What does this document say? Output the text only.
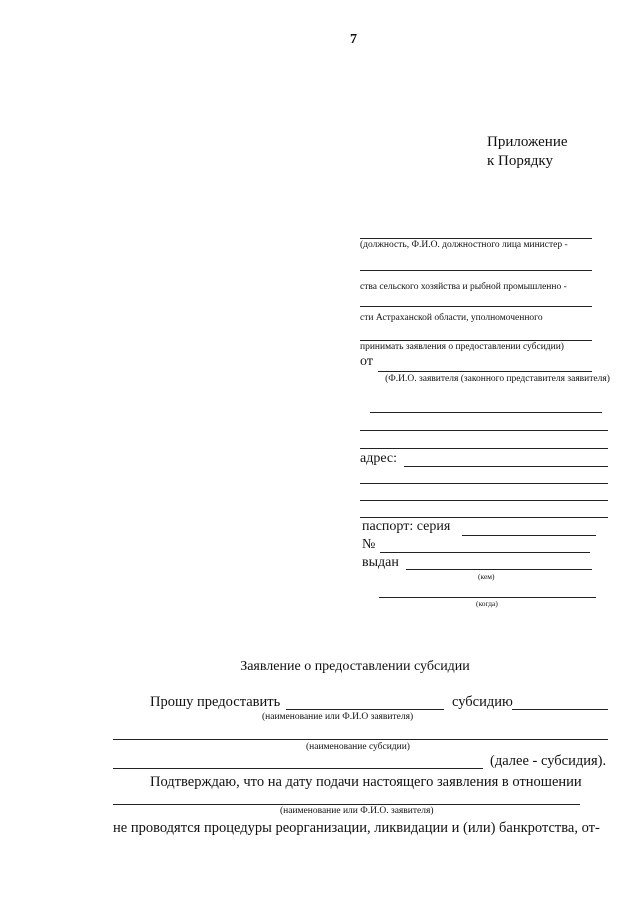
7
Приложение
к Порядку
(должность, Ф.И.О. должностного лица министер -
ства сельского хозяйства и рыбной промышленно -
сти Астраханской области, уполномоченного
принимать заявления о предоставлении субсидии)
от
(Ф.И.О. заявителя (законного представителя заявителя)
адрес:
паспорт: серия
№
выдан
(кем)
(когда)
Заявление о предоставлении субсидии
Прошу предоставить	субсидию
(наименование или Ф.И.О заявителя)
(наименование субсидии)
(далее - субсидия).
Подтверждаю, что на дату подачи настоящего заявления в отношении
(наименование или Ф.И.О. заявителя)
не проводятся процедуры реорганизации, ликвидации и (или) банкротства, от-
